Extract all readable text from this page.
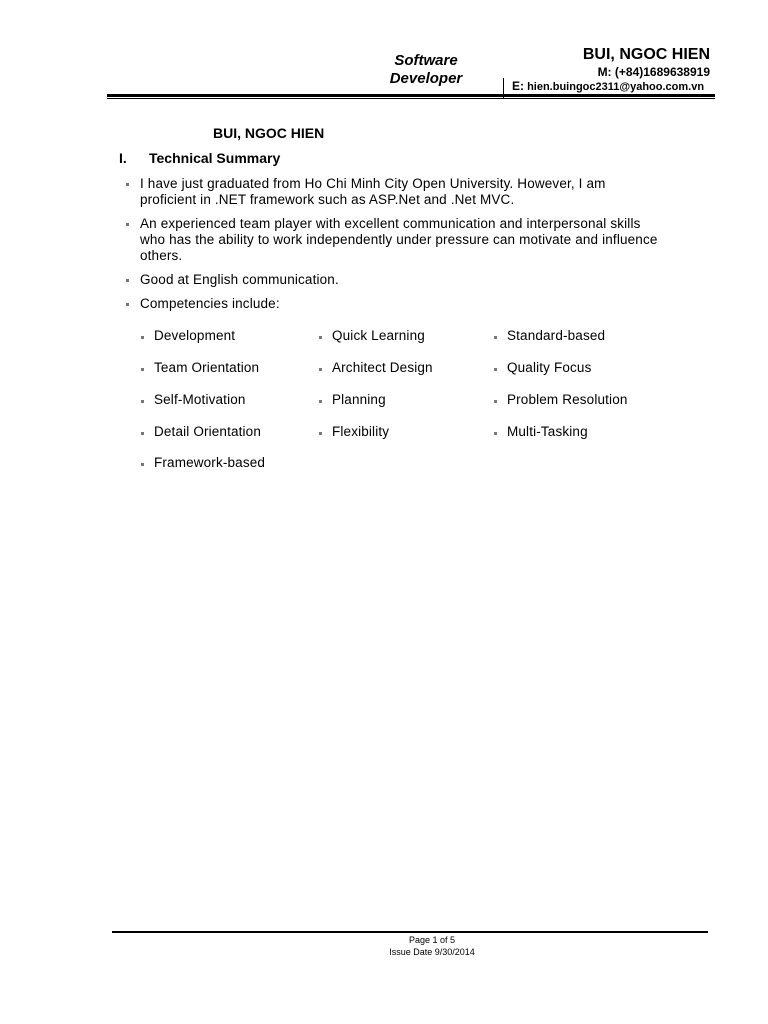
Software
Developer
BUI, NGOC HIEN
M: (+84)1689638919
E: hien.buingoc2311@yahoo.com.vn
BUI, NGOC HIEN
I. Technical Summary
I have just graduated from Ho Chi Minh City Open University. However, I am proficient in .NET framework such as ASP.Net and .Net MVC.
An experienced team player with excellent communication and interpersonal skills who has the ability to work independently under pressure can motivate and influence others.
Good at English communication.
Competencies include:
Development	Quick Learning	Standard-based
Team Orientation	Architect Design	Quality Focus
Self-Motivation	Planning	Problem Resolution
Detail Orientation	Flexibility	Multi-Tasking
Framework-based
Page 1 of 5
Issue Date 9/30/2014
